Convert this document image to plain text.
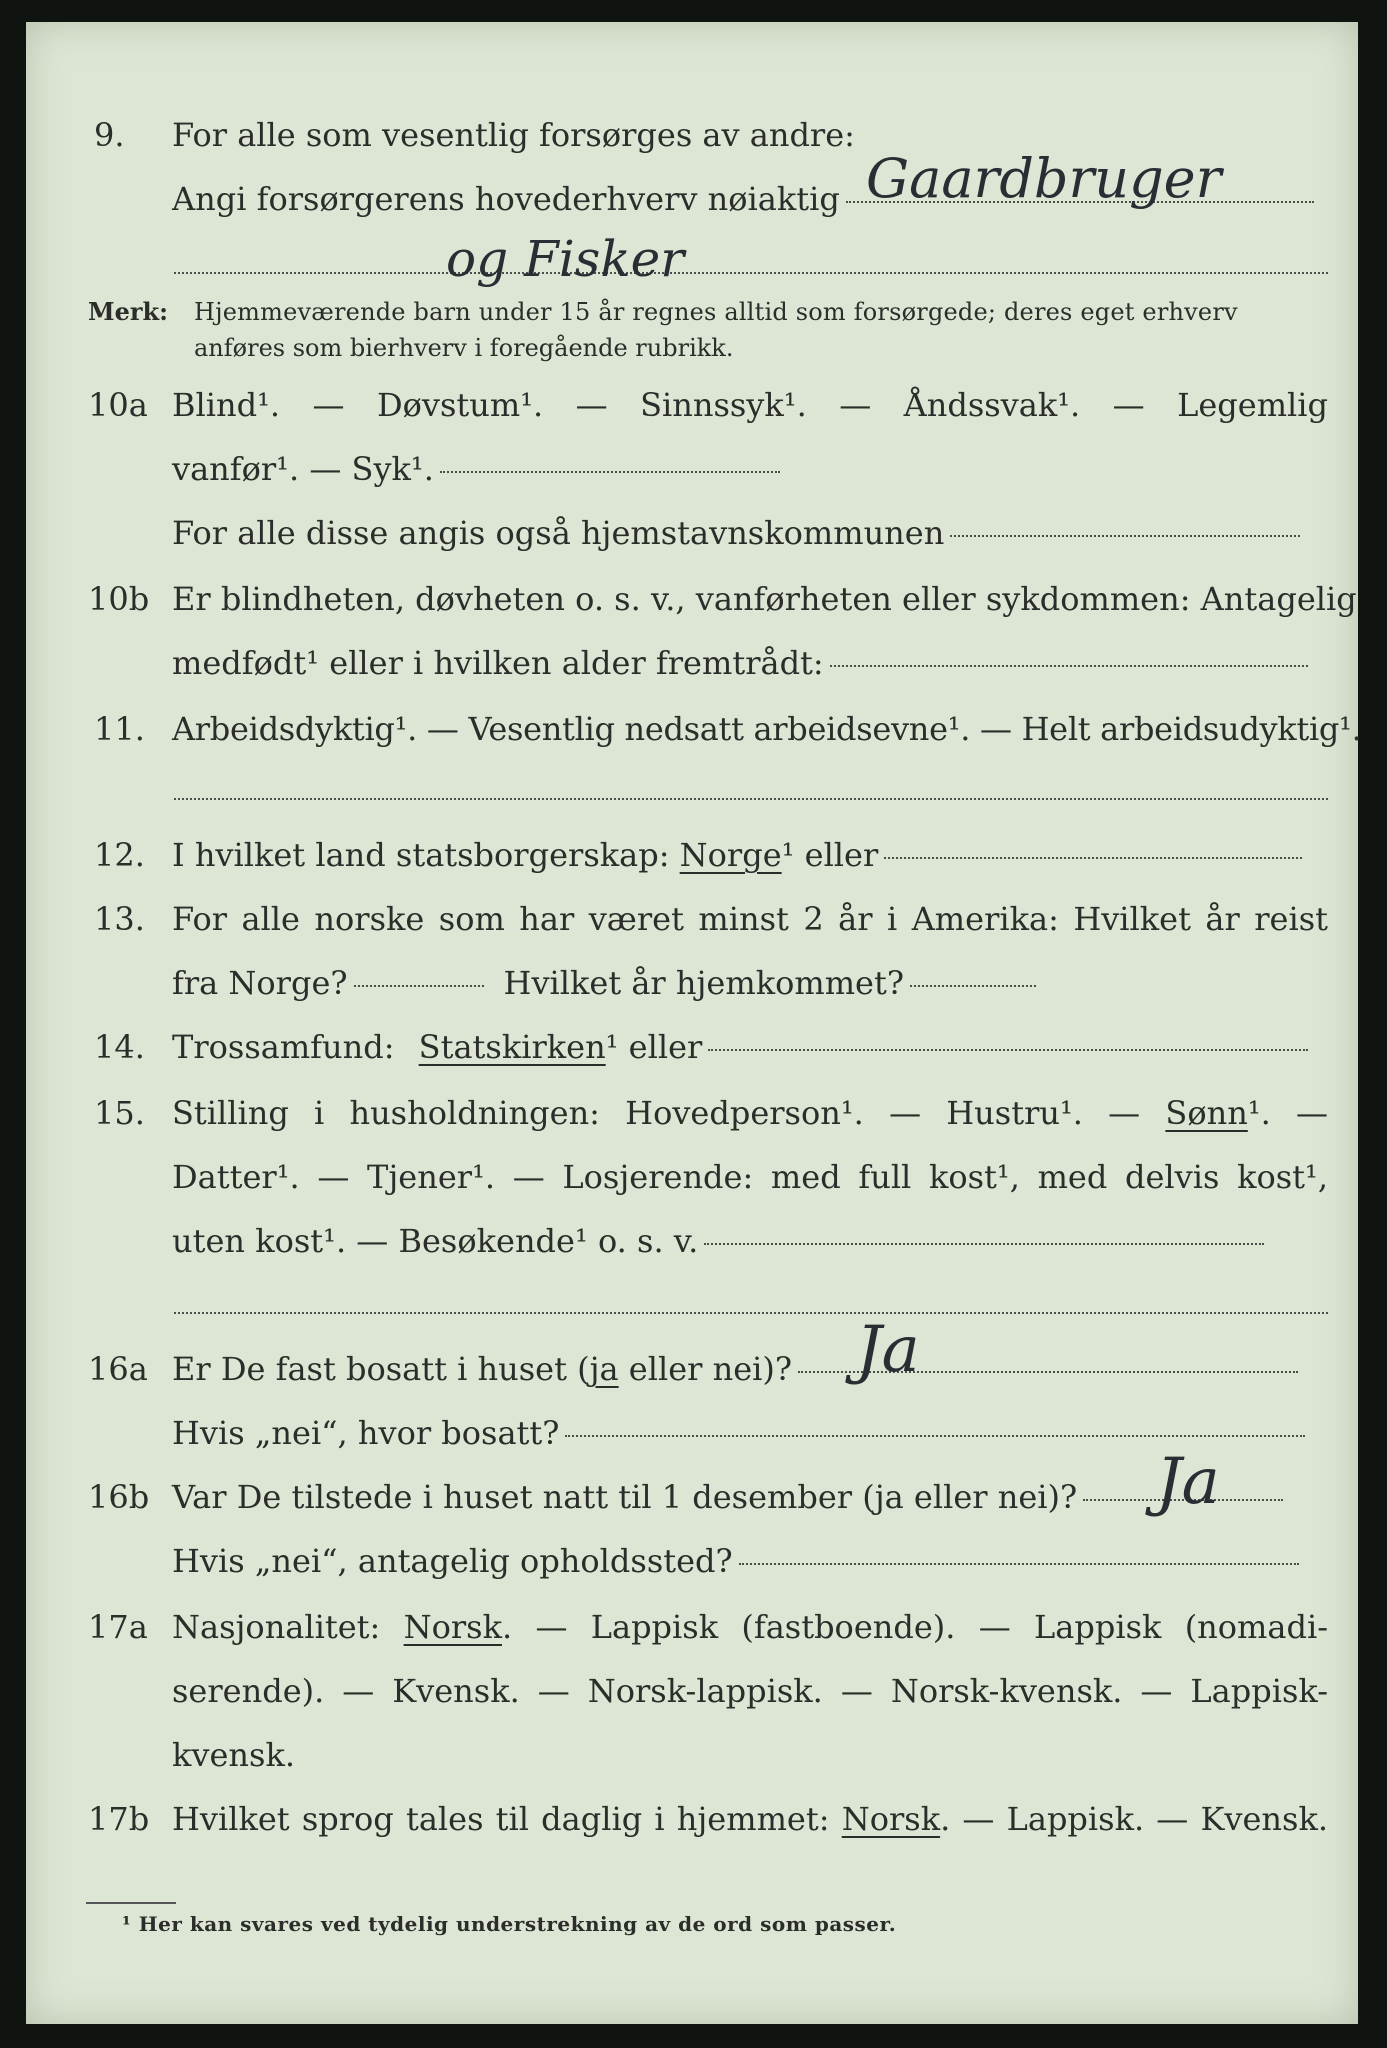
9. For alle som vesentlig forsørges av andre:
Angi forsørgerens hovederhverv nøiaktig Gaardbruger
og Fisker
Merk: Hjemmeværende barn under 15 år regnes alltid som forsørgede; deres eget erhverv
anføres som bierhverv i foregående rubrikk.
10a Blind¹. — Døvstum¹. — Sinnssyk¹. — Åndssvak¹. — Legemlig
vanfør¹. — Syk¹.
For alle disse angis også hjemstavnskommunen
10b Er blindheten, døvheten o. s. v., vanførheten eller sykdommen: Antagelig
medfødt¹ eller i hvilken alder fremtrådt:
11. Arbeidsdyktig¹. — Vesentlig nedsatt arbeidsevne¹. — Helt arbeidsudyktig¹.
12. I hvilket land statsborgerskap: Norge¹ eller
13. For alle norske som har været minst 2 år i Amerika: Hvilket år reist
fra Norge?	Hvilket år hjemkommet?
14. Trossamfund: Statskirken¹ eller
15. Stilling i husholdningen: Hovedperson¹. — Hustru¹. — Sønn¹. —
Datter¹. — Tjener¹. — Losjerende: med full kost¹, med delvis kost¹,
uten kost¹. — Besøkende¹ o. s. v.
16a Er De fast bosatt i huset (ja eller nei)? Ja
Hvis „nei“, hvor bosatt?
16b Var De tilstede i huset natt til 1 desember (ja eller nei)?	Ja
Hvis „nei“, antagelig opholdssted?
17a Nasjonalitet: Norsk. — Lappisk (fastboende). — Lappisk (nomadi-
serende). — Kvensk. — Norsk-lappisk. — Norsk-kvensk. — Lappisk-
kvensk.
17b Hvilket sprog tales til daglig i hjemmet: Norsk. — Lappisk. — Kvensk.
¹ Her kan svares ved tydelig understrekning av de ord som passer.
